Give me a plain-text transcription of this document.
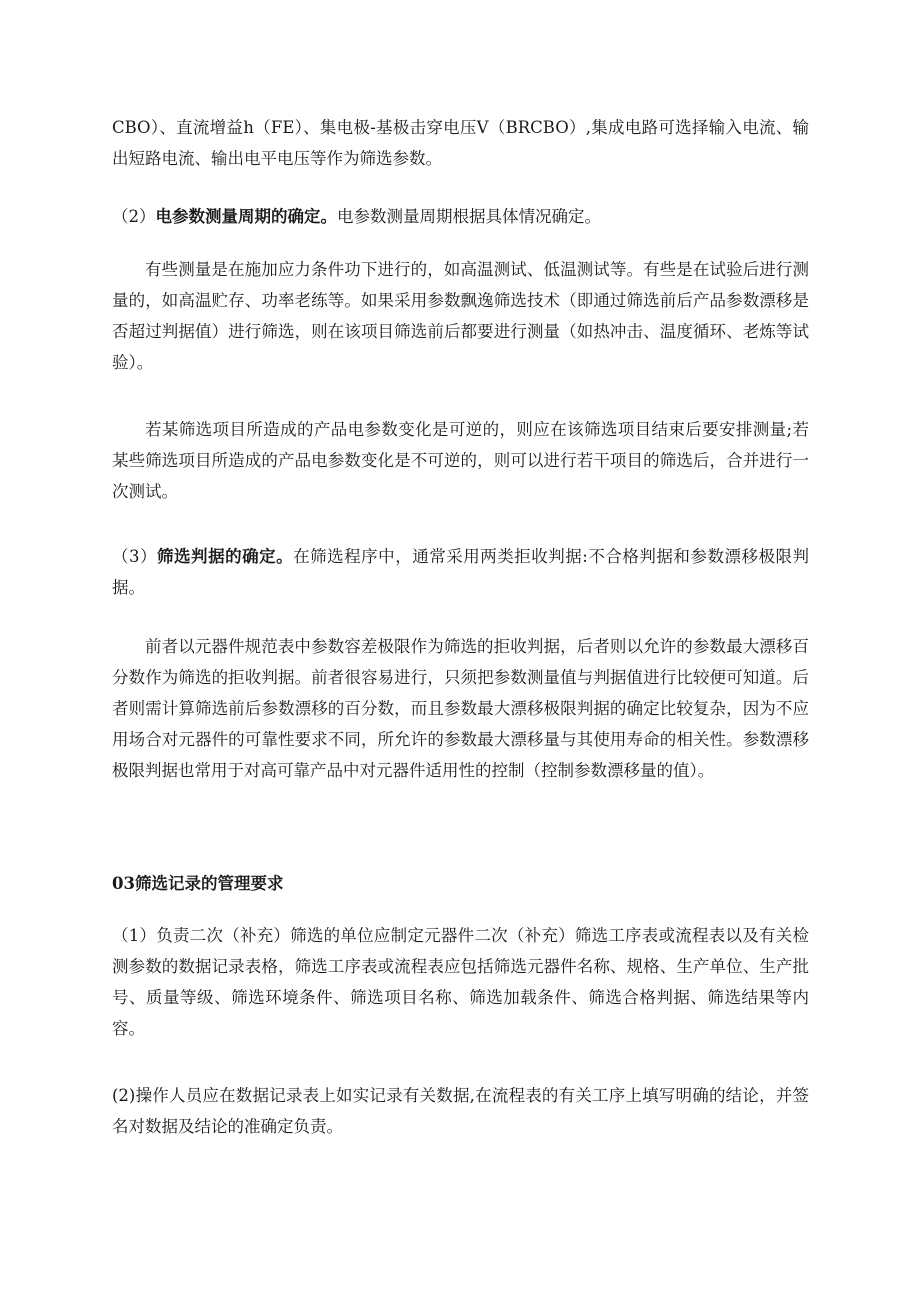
CBO）、直流增益h（FE）、集电极-基极击穿电压V（BRCBO）,集成电路可选择输入电流、输出短路电流、输出电平电压等作为筛选参数。

（2）电参数测量周期的确定。电参数测量周期根据具体情况确定。

有些测量是在施加应力条件功下进行的，如高温测试、低温测试等。有些是在试验后进行测量的，如高温贮存、功率老练等。如果采用参数飘逸筛选技术（即通过筛选前后产品参数漂移是否超过判据值）进行筛选，则在该项目筛选前后都要进行测量（如热冲击、温度循环、老炼等试验）。

若某筛选项目所造成的产品电参数变化是可逆的，则应在该筛选项目结束后要安排测量;若某些筛选项目所造成的产品电参数变化是不可逆的，则可以进行若干项目的筛选后，合并进行一次测试。

（3）筛选判据的确定。在筛选程序中，通常采用两类拒收判据:不合格判据和参数漂移极限判据。

前者以元器件规范表中参数容差极限作为筛选的拒收判据，后者则以允许的参数最大漂移百分数作为筛选的拒收判据。前者很容易进行，只须把参数测量值与判据值进行比较便可知道。后者则需计算筛选前后参数漂移的百分数，而且参数最大漂移极限判据的确定比较复杂，因为不应用场合对元器件的可靠性要求不同，所允许的参数最大漂移量与其使用寿命的相关性。参数漂移极限判据也常用于对高可靠产品中对元器件适用性的控制（控制参数漂移量的值）。

03筛选记录的管理要求

（1）负责二次（补充）筛选的单位应制定元器件二次（补充）筛选工序表或流程表以及有关检测参数的数据记录表格，筛选工序表或流程表应包括筛选元器件名称、规格、生产单位、生产批号、质量等级、筛选环境条件、筛选项目名称、筛选加载条件、筛选合格判据、筛选结果等内容。

(2)操作人员应在数据记录表上如实记录有关数据,在流程表的有关工序上填写明确的结论，并签名对数据及结论的准确定负责。
